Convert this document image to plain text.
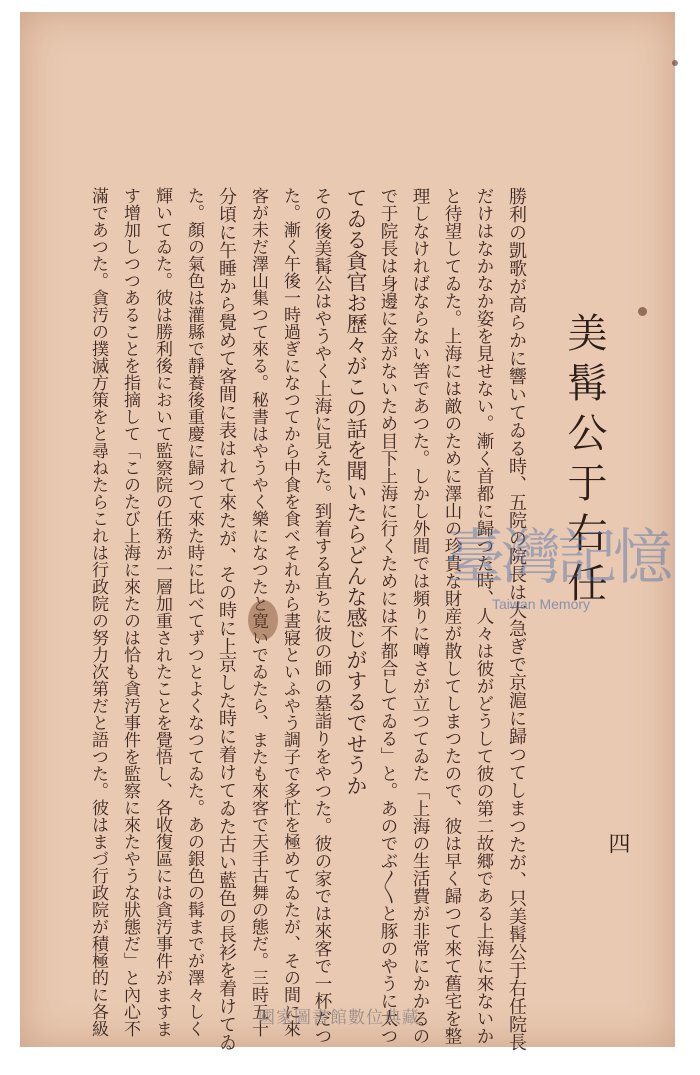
美髯公于右任
四
勝利の凱歌が高らかに響いてゐる時、五院の院長は大急ぎで京滬に歸つてしまつたが、只美髯公于右任院長
だけはなかなか姿を見せない。漸く首都に歸つた時、人々は彼がどうして彼の第二故郷である上海に來ないか
と待望してゐた。上海には敵のために澤山の珍貴な財産が散してしまつたので、彼は早く歸つて來て舊宅を整
理しなければならない筈であつた。しかし外間では頻りに噂さが立つてゐた「上海の生活費が非常にかかるの
で于院長は身邊に金がないため目下上海に行くためには不都合してゐる」と。あのでぶ〳〵と豚のやうに太つ
てゐる貪官お歷々がこの話を聞いたらどんな感じがするでせうか
その後美髯公はやうやく上海に見えた。到着する直ちに彼の師の墓詣りをやつた。彼の家では來客で一杯だつ
た。漸く午後一時過ぎになつてから中食を食べそれから晝寢といふやう調子で多忙を極めてゐたが、その間に來
客が未だ澤山集つて來る。秘書はやうやく樂になつたと寛いでゐたら、またも來客で天手古舞の態だ。三時五十
分頃に午睡から覺めて客間に表はれて來たが、その時に上京した時に着けてゐた古い藍色の長衫を着けてゐ
た。顏の氣色は灌縣で靜養後重慶に歸つて來た時に比べてずつとよくなつてゐた。あの銀色の髯までが澤々しく
輝いてゐた。彼は勝利後において監察院の任務が一層加重されたことを覺悟し、各收復區には貪汚事件がますま
す增加しつつあることを指摘して「このたび上海に來たのは恰も貪汚事件を監察に來たやうな狀態だ」と內心不
滿であつた。貪汚の撲滅方策をと尋ねたらこれは行政院の努力次第だと語つた。彼はまづ行政院が積極的に各級	臺灣記憶
Taiwan Memory
國家圖書館數位典藏
